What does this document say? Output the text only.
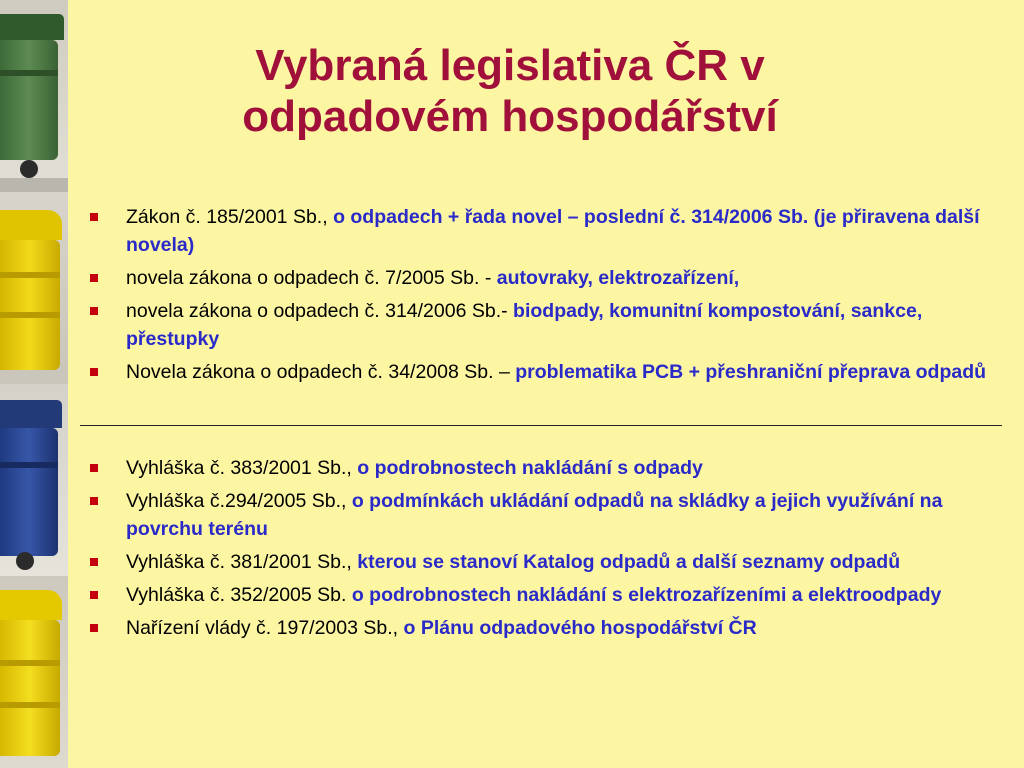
Vybraná legislativa ČR v
odpadovém hospodářství
Zákon č. 185/2001 Sb., o odpadech + řada novel – poslední č. 314/2006 Sb. (je přiravena další novela)
novela zákona o odpadech č. 7/2005 Sb. - autovraky, elektrozařízení,
novela zákona o odpadech č. 314/2006 Sb.- biodpady, komunitní kompostování, sankce, přestupky
Novela zákona o odpadech č. 34/2008 Sb. – problematika PCB + přeshraniční přeprava odpadů
Vyhláška č. 383/2001 Sb., o podrobnostech nakládání s odpady
Vyhláška č.294/2005 Sb., o podmínkách ukládání odpadů na skládky a jejich využívání na povrchu terénu
Vyhláška č. 381/2001 Sb., kterou se stanoví Katalog odpadů a další seznamy odpadů
Vyhláška č. 352/2005 Sb. o podrobnostech nakládání s elektrozařízeními a elektroodpady
Nařízení vlády č. 197/2003 Sb., o Plánu odpadového hospodářství ČR
